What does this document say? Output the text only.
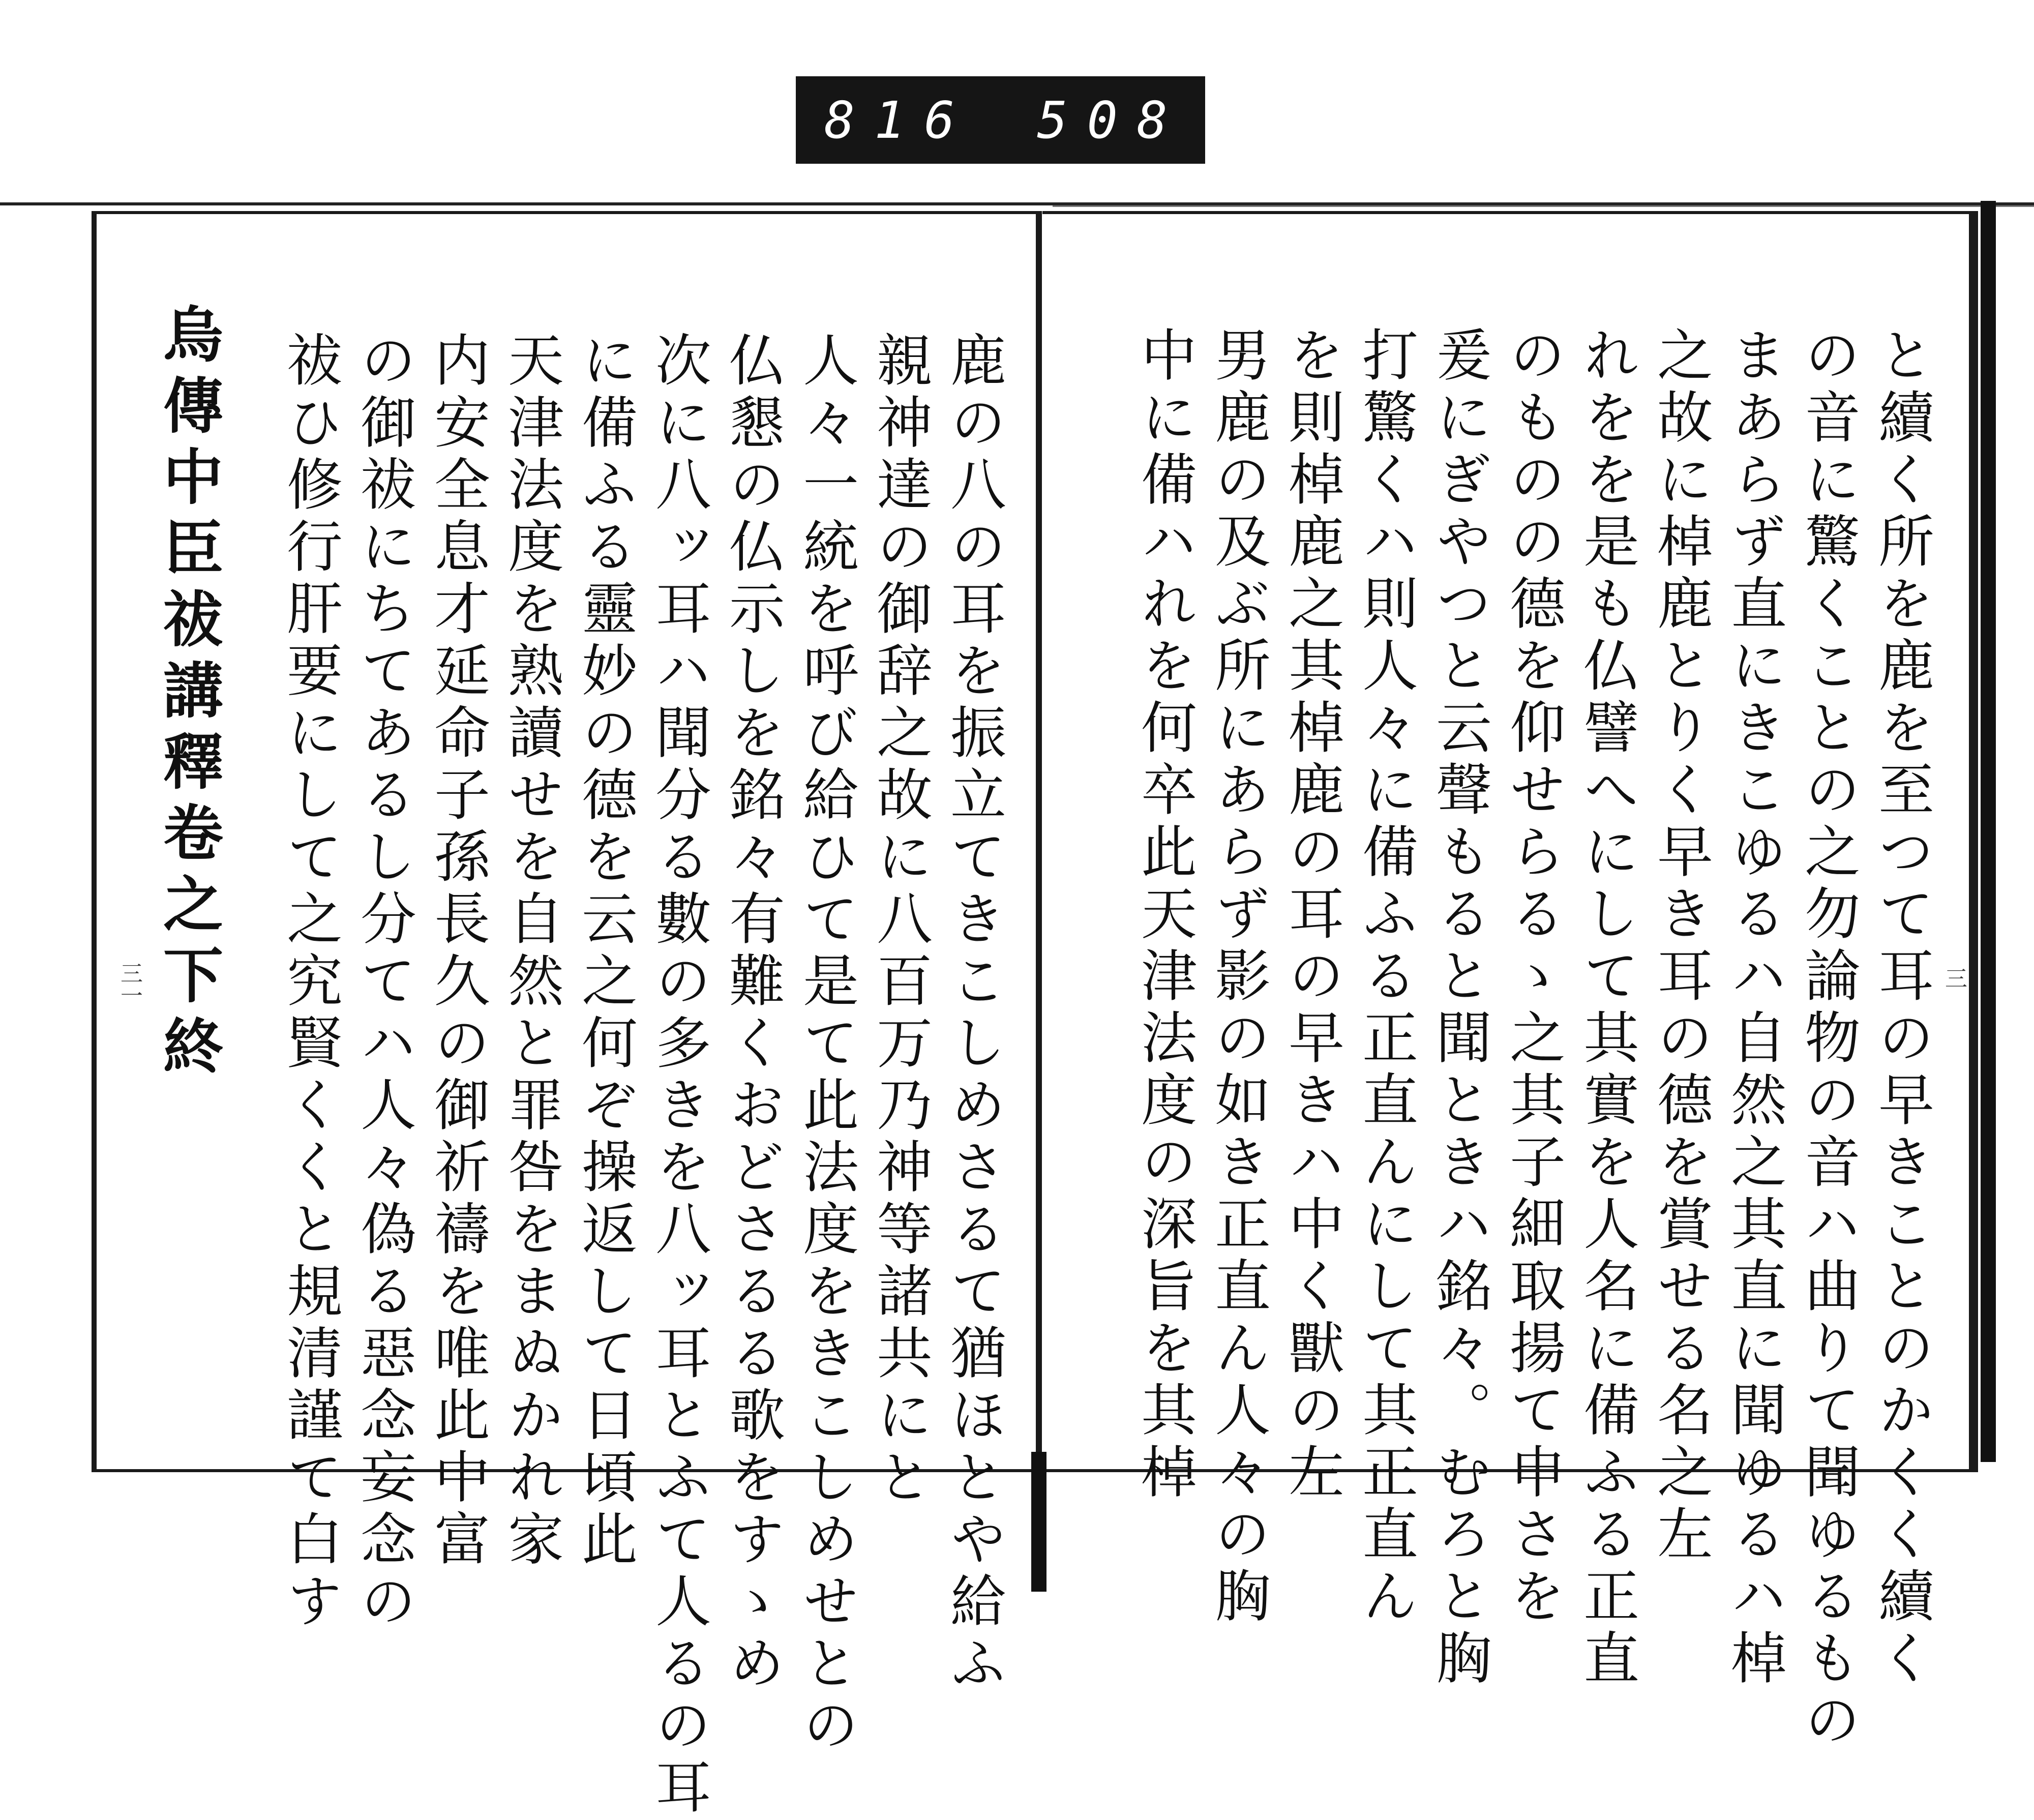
816 508
烏傳中臣祓講釋卷之下終	鹿の八の耳を振立てきこしめさるて猶ほとや給ふ
親神達の御辞之故に八百万乃神等諸共にと
人々一統を呼び給ひて是て此法度をきこしめせとの
仏懇の仏示しを銘々有難くおどさるる歌をすゝめ
次に八ッ耳ハ聞分る數の多きを八ッ耳とふて人るの耳
に備ふる靈妙の德を云之何ぞ操返して日頃此
天津法度を熟讀せを自然と罪咎をまぬかれ家
内安全息才延命子孫長久の御祈禱を唯此中富
の御祓にちてあるし分てハ人々偽る惡念妄念の
祓ひ修行肝要にして之究賢くくと規清謹て白す
三一	と續く所を鹿を至つて耳の早きことのかくく續く
の音に驚くことの之勿論物の音ハ曲りて聞ゆるもの
まあらず直にきこゆるハ自然之其直に聞ゆるハ棹
之故に棹鹿とりく早き耳の德を賞せる名之左
れをを是も仏譬へにして其實を人名に備ふる正直
のものの德を仰せらるゝ之其子細取揚て申さを
爰にぎやつと云聲もると聞ときハ銘々。むろと胸
打驚くハ則人々に備ふる正直んにして其正直ん
を則棹鹿之其棹鹿の耳の早きハ中く獸の左
男鹿の及ぶ所にあらず影の如き正直ん人々の胸
中に備ハれを何卒此天津法度の深旨を其棹	三
